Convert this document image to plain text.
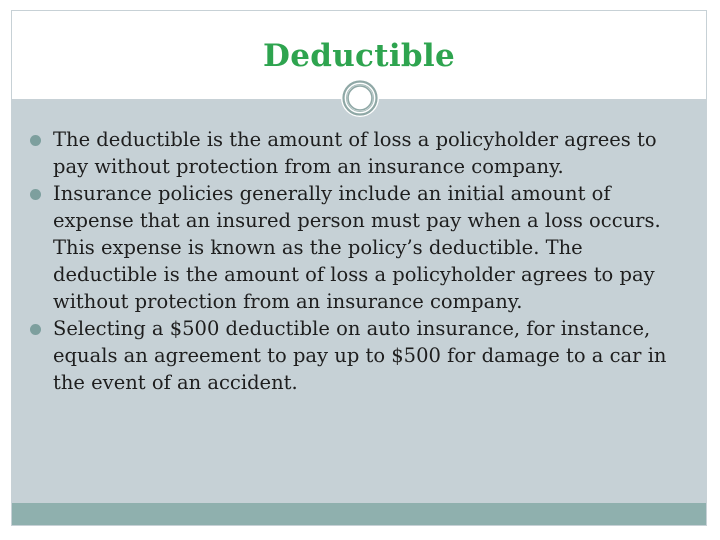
Deductible
The deductible is the amount of loss a policyholder agrees to pay without protection from an insurance company.
Insurance policies generally include an initial amount of expense that an insured person must pay when a loss occurs. This expense is known as the policy’s deductible. The deductible is the amount of loss a policyholder agrees to pay without protection from an insurance company.
Selecting a $500 deductible on auto insurance, for instance, equals an agreement to pay up to $500 for damage to a car in the event of an accident.
